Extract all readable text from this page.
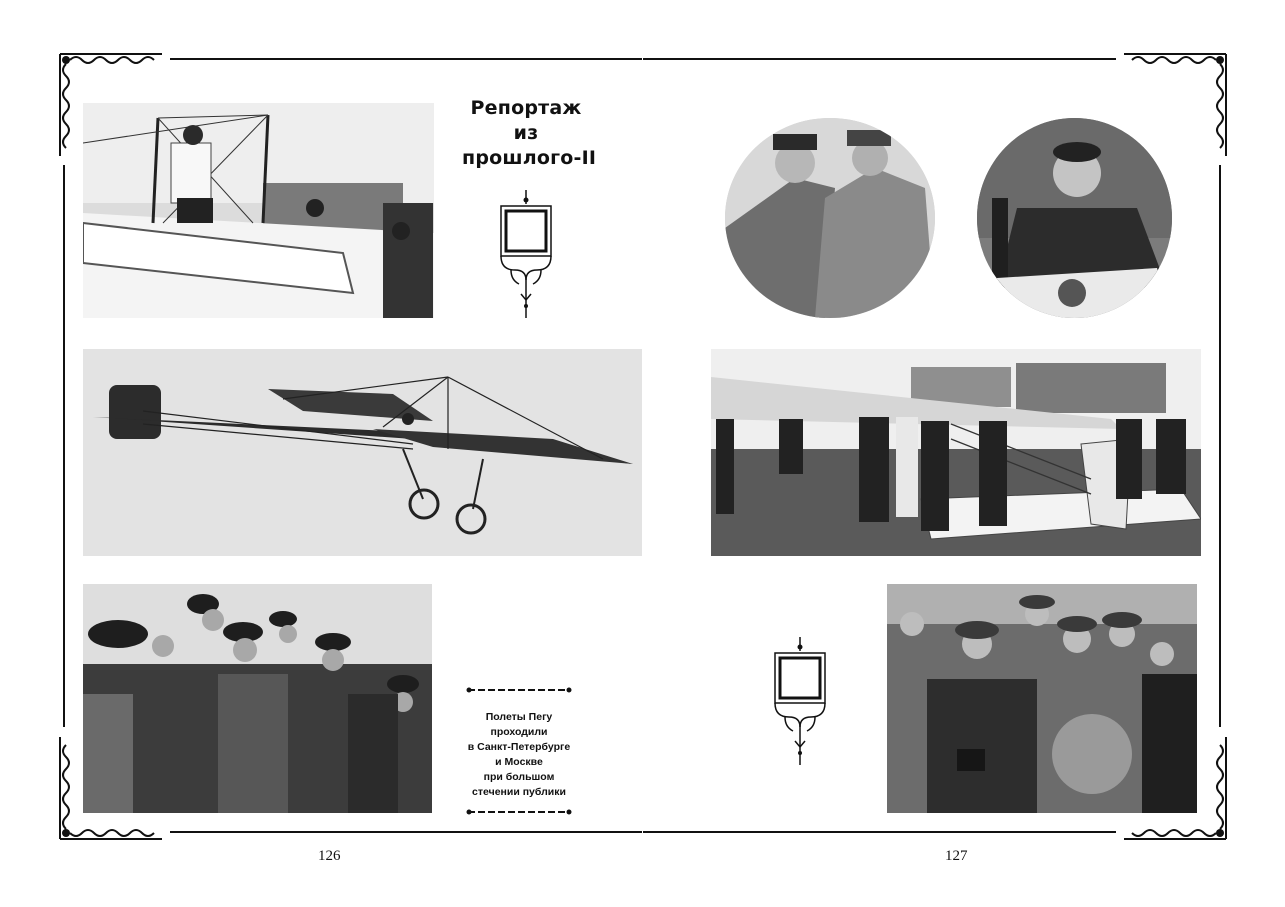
Репортаж
из
прошлого-II
Полеты Пегу
проходили
в Санкт-Петербурге
и Москве
при большом
стечении публики
126	127
